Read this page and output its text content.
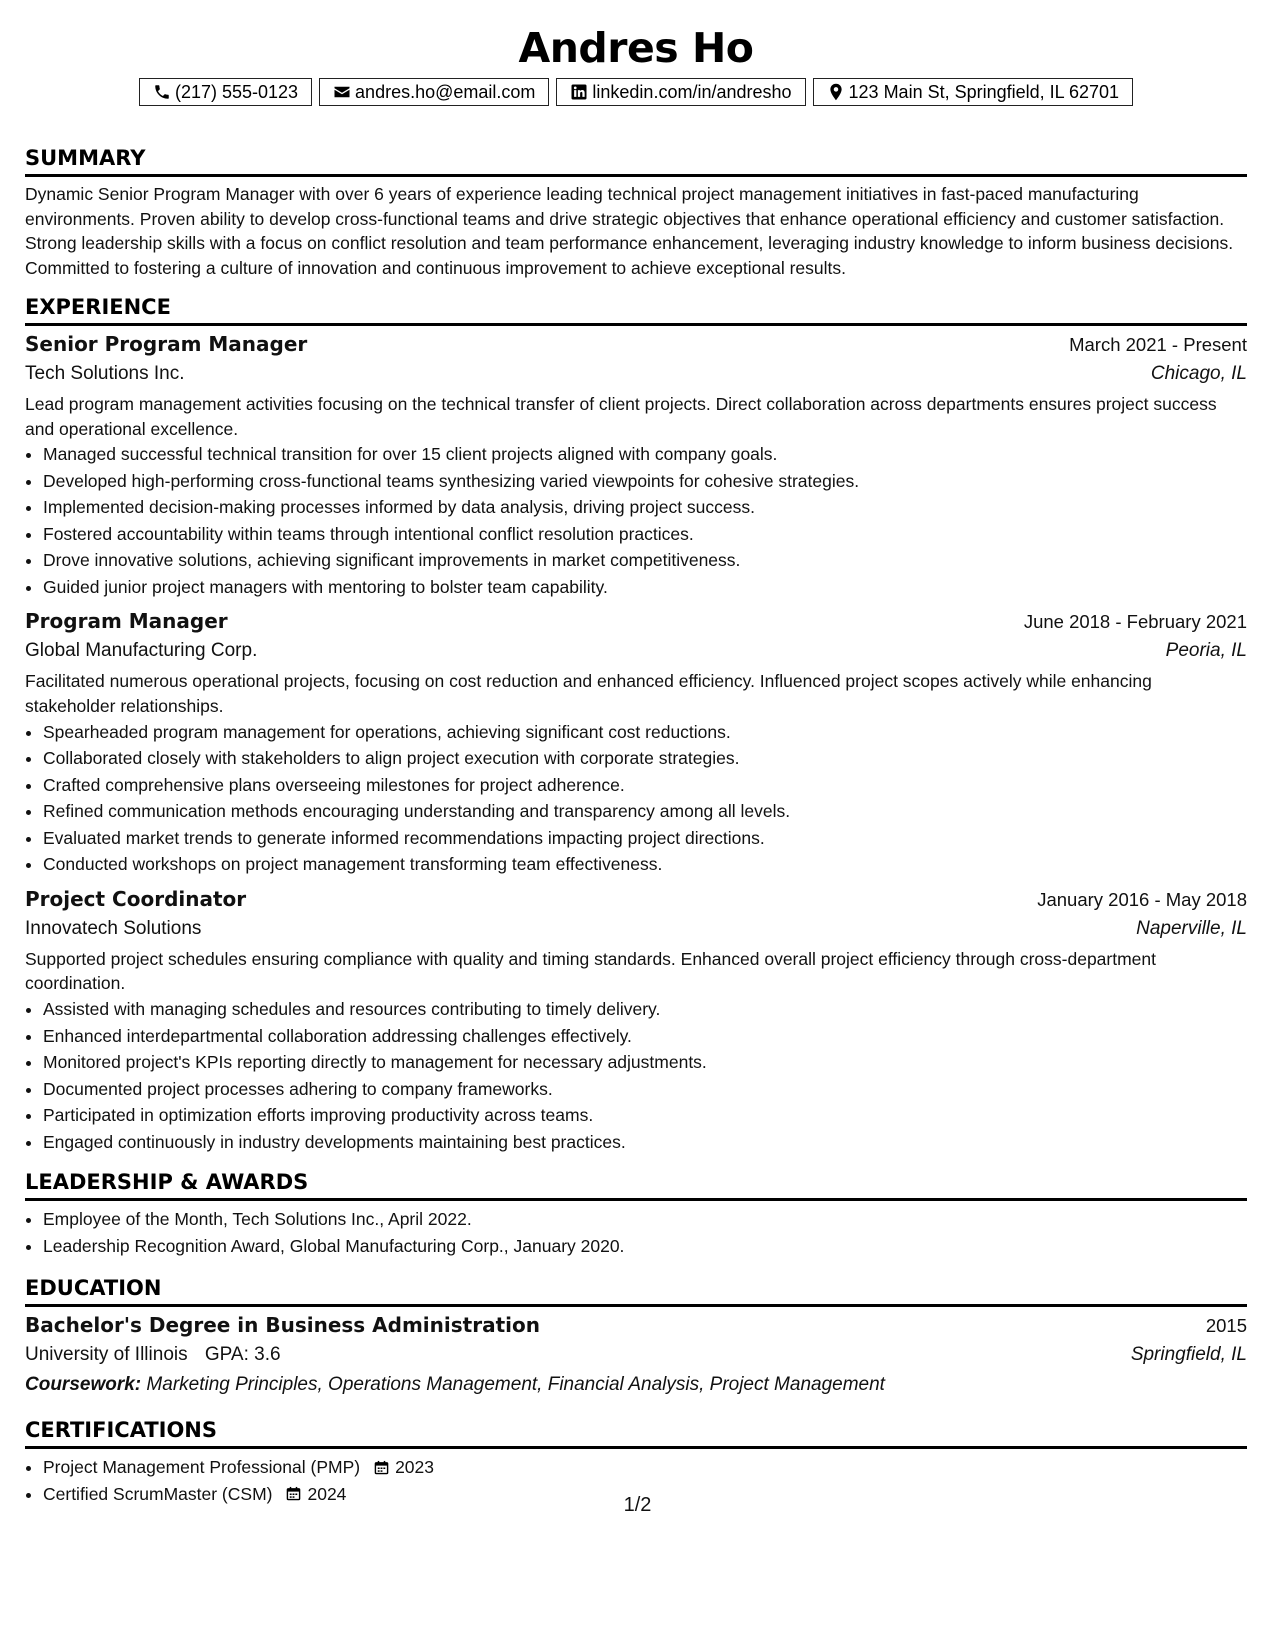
Andres Ho
(217) 555-0123	andres.ho@email.com	linkedin.com/in/andresho	123 Main St, Springfield, IL 62701
SUMMARY

Dynamic Senior Program Manager with over 6 years of experience leading technical project management initiatives in fast-paced manufacturing environments. Proven ability to develop cross-functional teams and drive strategic objectives that enhance operational efficiency and customer satisfaction. Strong leadership skills with a focus on conflict resolution and team performance enhancement, leveraging industry knowledge to inform business decisions. Committed to fostering a culture of innovation and continuous improvement to achieve exceptional results.

EXPERIENCE
Senior Program Manager	March 2021 - Present
Tech Solutions Inc.	Chicago, IL

Lead program management activities focusing on the technical transfer of client projects. Direct collaboration across departments ensures project success and operational excellence.

• Managed successful technical transition for over 15 client projects aligned with company goals.
• Developed high-performing cross-functional teams synthesizing varied viewpoints for cohesive strategies.
• Implemented decision-making processes informed by data analysis, driving project success.
• Fostered accountability within teams through intentional conflict resolution practices.
• Drove innovative solutions, achieving significant improvements in market competitiveness.
• Guided junior project managers with mentoring to bolster team capability.
Program Manager	June 2018 - February 2021
Global Manufacturing Corp.	Peoria, IL

Facilitated numerous operational projects, focusing on cost reduction and enhanced efficiency. Influenced project scopes actively while enhancing stakeholder relationships.

• Spearheaded program management for operations, achieving significant cost reductions.
• Collaborated closely with stakeholders to align project execution with corporate strategies.
• Crafted comprehensive plans overseeing milestones for project adherence.
• Refined communication methods encouraging understanding and transparency among all levels.
• Evaluated market trends to generate informed recommendations impacting project directions.
• Conducted workshops on project management transforming team effectiveness.
Project Coordinator	January 2016 - May 2018
Innovatech Solutions	Naperville, IL

Supported project schedules ensuring compliance with quality and timing standards. Enhanced overall project efficiency through cross-department coordination.

• Assisted with managing schedules and resources contributing to timely delivery.
• Enhanced interdepartmental collaboration addressing challenges effectively.
• Monitored project's KPIs reporting directly to management for necessary adjustments.
• Documented project processes adhering to company frameworks.
• Participated in optimization efforts improving productivity across teams.
• Engaged continuously in industry developments maintaining best practices.
LEADERSHIP & AWARDS
• Employee of the Month, Tech Solutions Inc., April 2022.
• Leadership Recognition Award, Global Manufacturing Corp., January 2020.
EDUCATION
Bachelor's Degree in Business Administration	2015
University of Illinois GPA: 3.6	Springfield, IL
Coursework: Marketing Principles, Operations Management, Financial Analysis, Project Management
CERTIFICATIONS
• Project Management Professional (PMP) 2023
• Certified ScrumMaster (CSM) 2024
1/2
